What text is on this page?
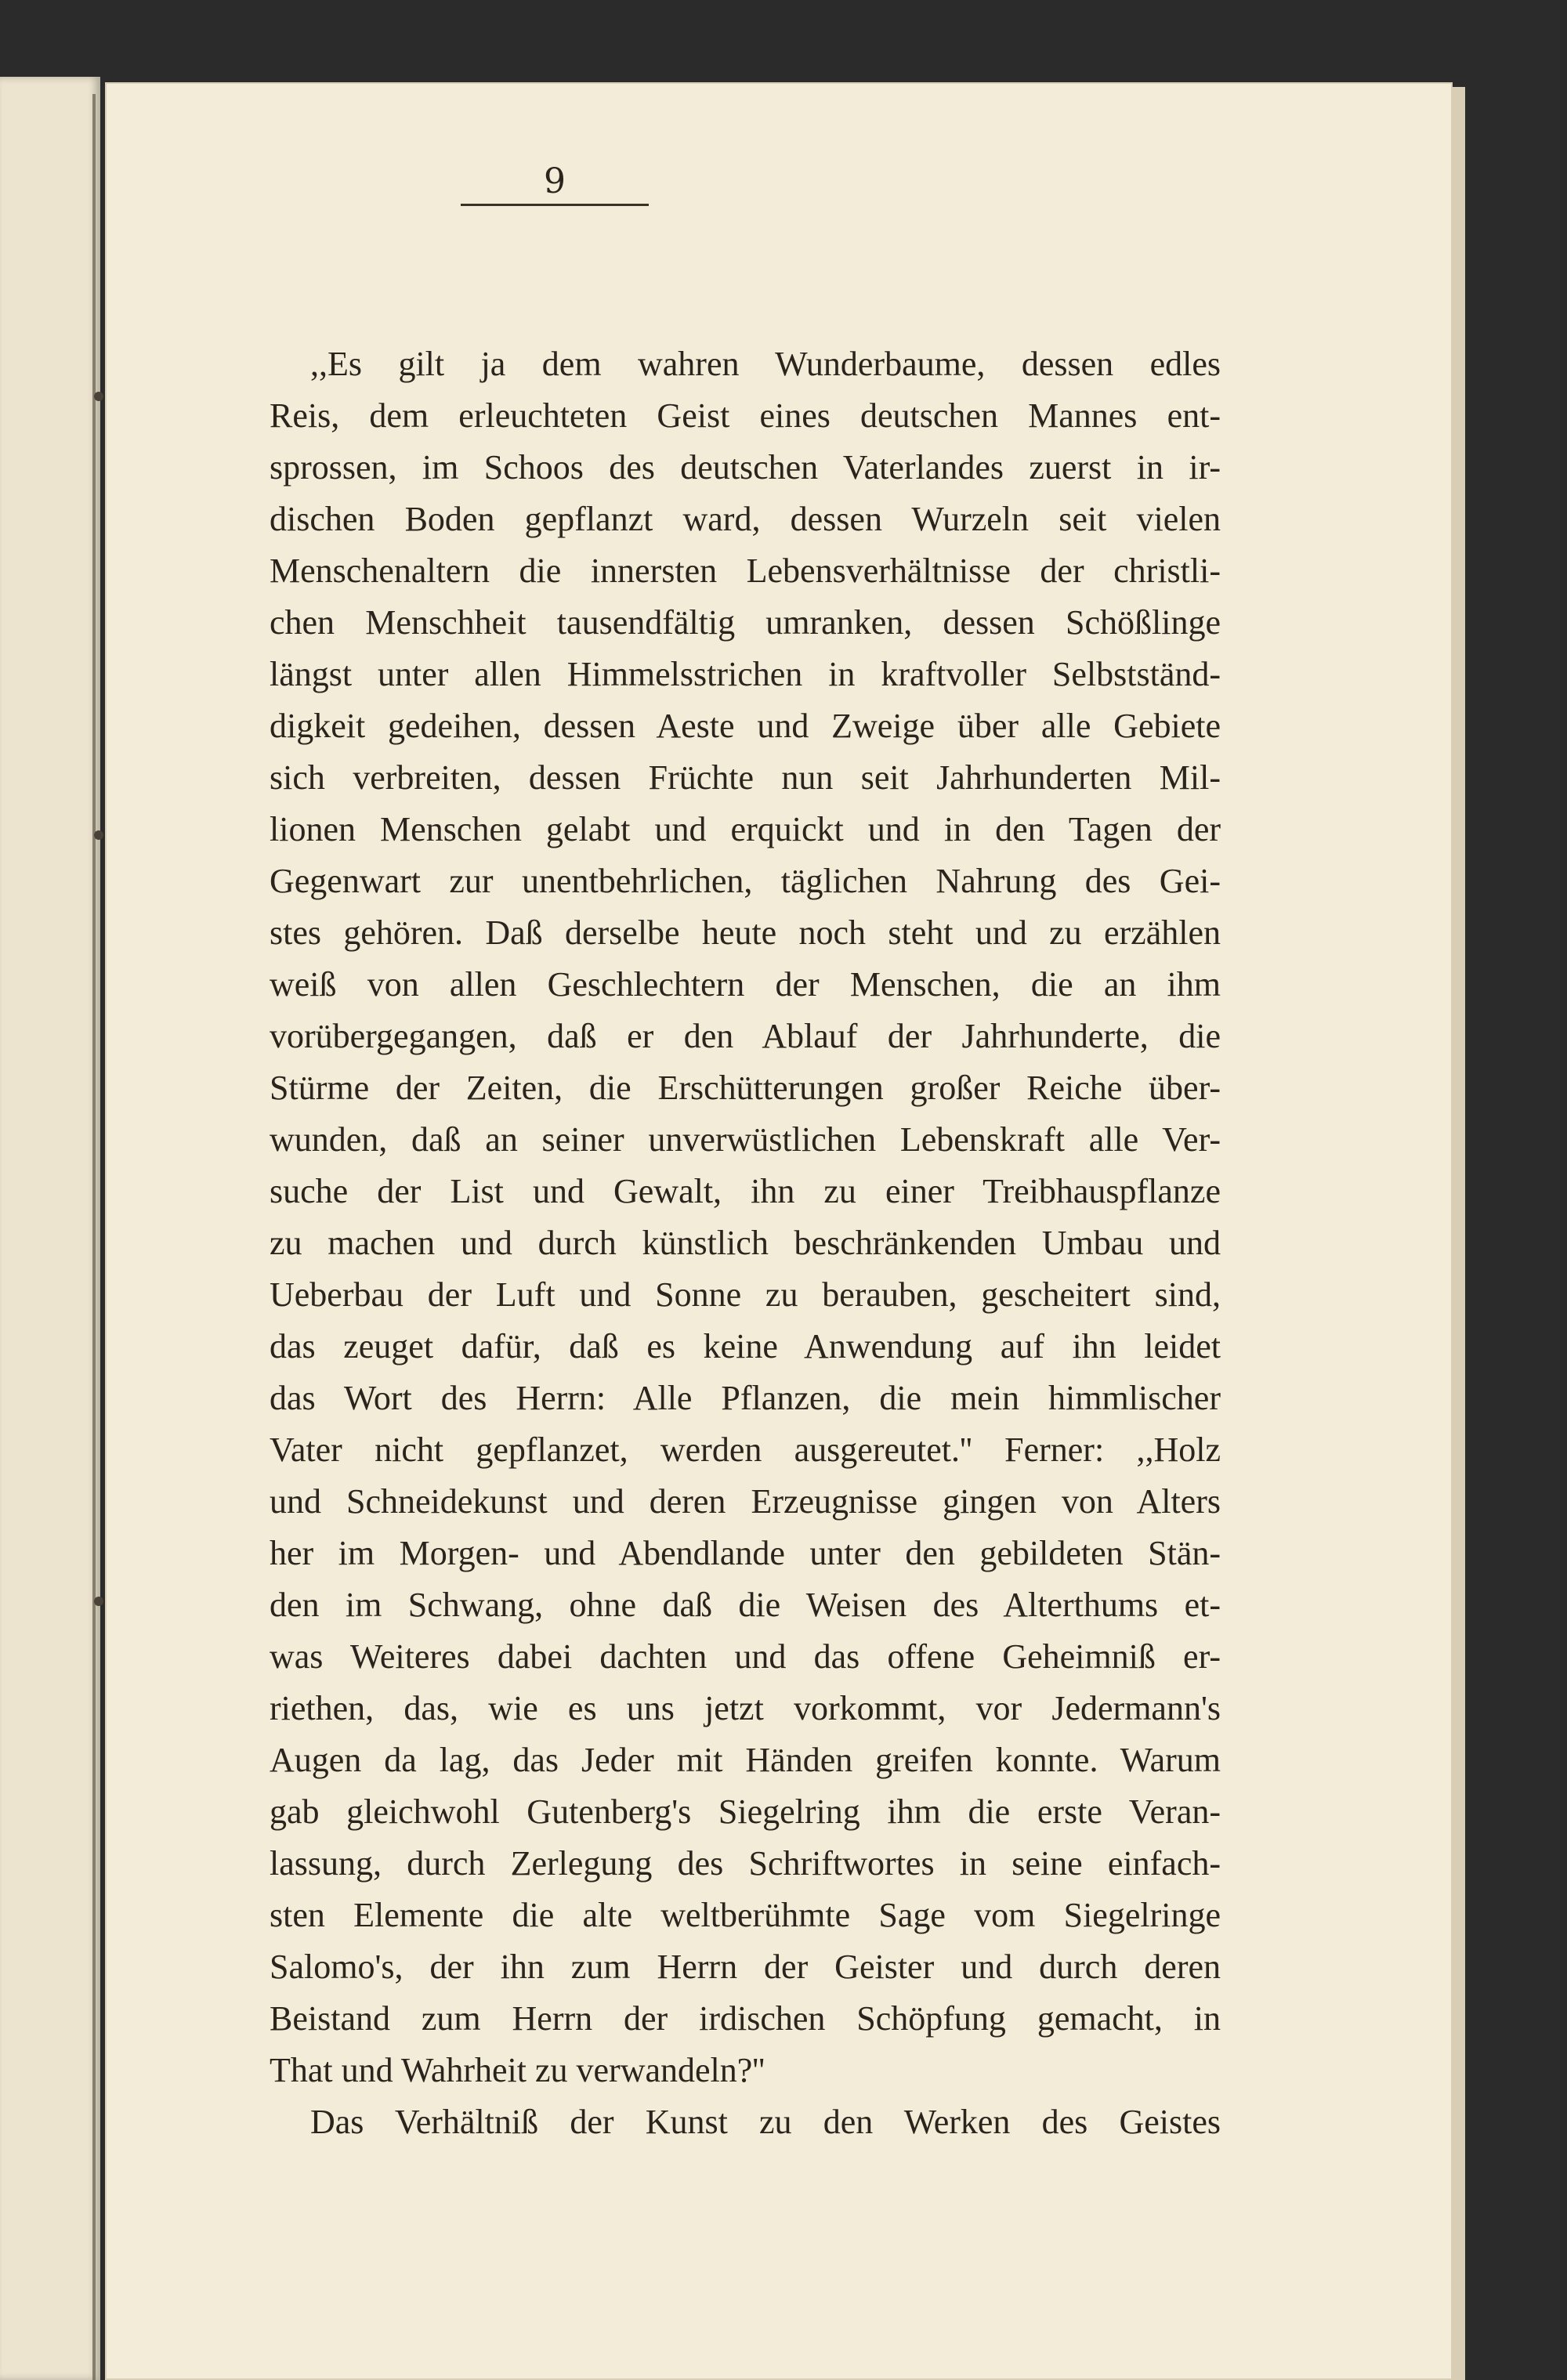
9
,,Es gilt ja dem wahren Wunderbaume, dessen edles
Reis, dem erleuchteten Geist eines deutschen Mannes ent-
sprossen, im Schoos des deutschen Vaterlandes zuerst in ir-
dischen Boden gepflanzt ward, dessen Wurzeln seit vielen
Menschenaltern die innersten Lebensverhältnisse der christli-
chen Menschheit tausendfältig umranken, dessen Schößlinge
längst unter allen Himmelsstrichen in kraftvoller Selbstständ-
digkeit gedeihen, dessen Aeste und Zweige über alle Gebiete
sich verbreiten, dessen Früchte nun seit Jahrhunderten Mil-
lionen Menschen gelabt und erquickt und in den Tagen der
Gegenwart zur unentbehrlichen, täglichen Nahrung des Gei-
stes gehören. Daß derselbe heute noch steht und zu erzählen
weiß von allen Geschlechtern der Menschen, die an ihm
vorübergegangen, daß er den Ablauf der Jahrhunderte, die
Stürme der Zeiten, die Erschütterungen großer Reiche über-
wunden, daß an seiner unverwüstlichen Lebenskraft alle Ver-
suche der List und Gewalt, ihn zu einer Treibhauspflanze
zu machen und durch künstlich beschränkenden Umbau und
Ueberbau der Luft und Sonne zu berauben, gescheitert sind,
das zeuget dafür, daß es keine Anwendung auf ihn leidet
das Wort des Herrn: Alle Pflanzen, die mein himmlischer
Vater nicht gepflanzet, werden ausgereutet.'' Ferner: ,,Holz
und Schneidekunst und deren Erzeugnisse gingen von Alters
her im Morgen- und Abendlande unter den gebildeten Stän-
den im Schwang, ohne daß die Weisen des Alterthums et-
was Weiteres dabei dachten und das offene Geheimniß er-
riethen, das, wie es uns jetzt vorkommt, vor Jedermann's
Augen da lag, das Jeder mit Händen greifen konnte. Warum
gab gleichwohl Gutenberg's Siegelring ihm die erste Veran-
lassung, durch Zerlegung des Schriftwortes in seine einfach-
sten Elemente die alte weltberühmte Sage vom Siegelringe
Salomo's, der ihn zum Herrn der Geister und durch deren
Beistand zum Herrn der irdischen Schöpfung gemacht, in
That und Wahrheit zu verwandeln?''
Das Verhältniß der Kunst zu den Werken des Geistes
